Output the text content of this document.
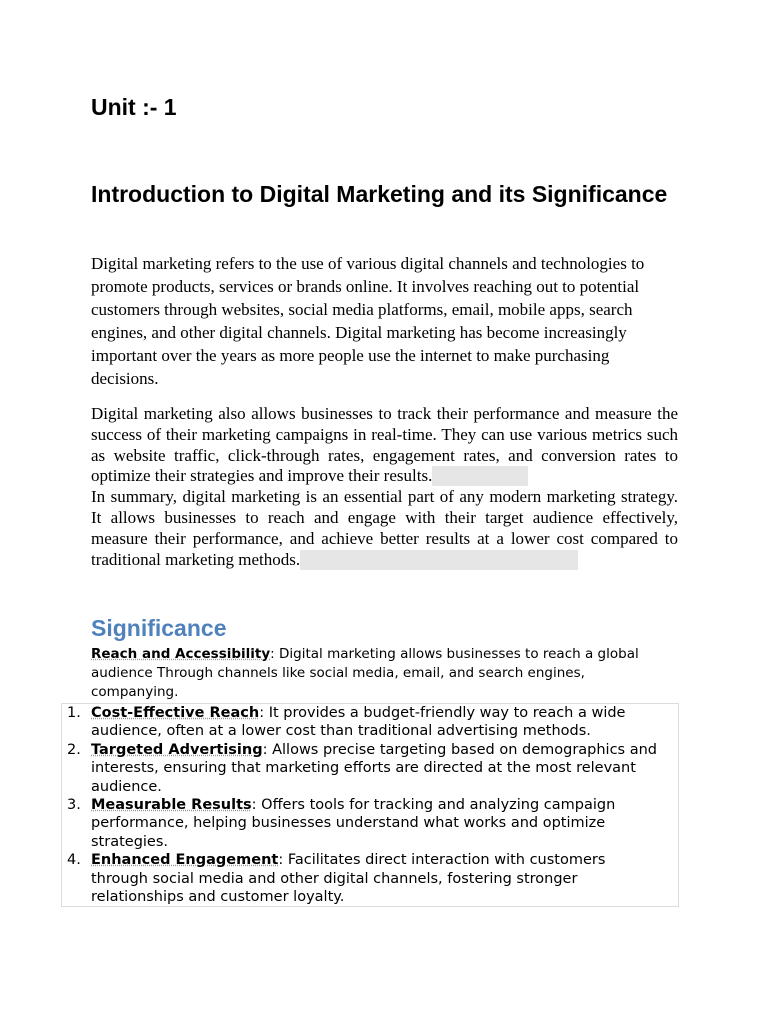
Unit :- 1
Introduction to Digital Marketing and its Significance

Digital marketing refers to the use of various digital channels and technologies to promote products, services or brands online. It involves reaching out to potential customers through websites, social media platforms, email, mobile apps, search engines, and other digital channels. Digital marketing has become increasingly important over the years as more people use the internet to make purchasing decisions.

Digital marketing also allows businesses to track their performance and measure the success of their marketing campaigns in real-time. They can use various metrics such as website traffic, click-through rates, engagement rates, and conversion rates to optimize their strategies and improve their results.
In summary, digital marketing is an essential part of any modern marketing strategy. It allows businesses to reach and engage with their target audience effectively, measure their performance, and achieve better results at a lower cost compared to traditional marketing methods.
Significance

Reach and Accessibility: Digital marketing allows businesses to reach a global audience Through channels like social media, email, and search engines, companying.

1. Cost-Effective Reach: It provides a budget-friendly way to reach a wide audience, often at a lower cost than traditional advertising methods.
2. Targeted Advertising: Allows precise targeting based on demographics and interests, ensuring that marketing efforts are directed at the most relevant audience.
3. Measurable Results: Offers tools for tracking and analyzing campaign performance, helping businesses understand what works and optimize strategies.
4. Enhanced Engagement: Facilitates direct interaction with customers through social media and other digital channels, fostering stronger relationships and customer loyalty.
